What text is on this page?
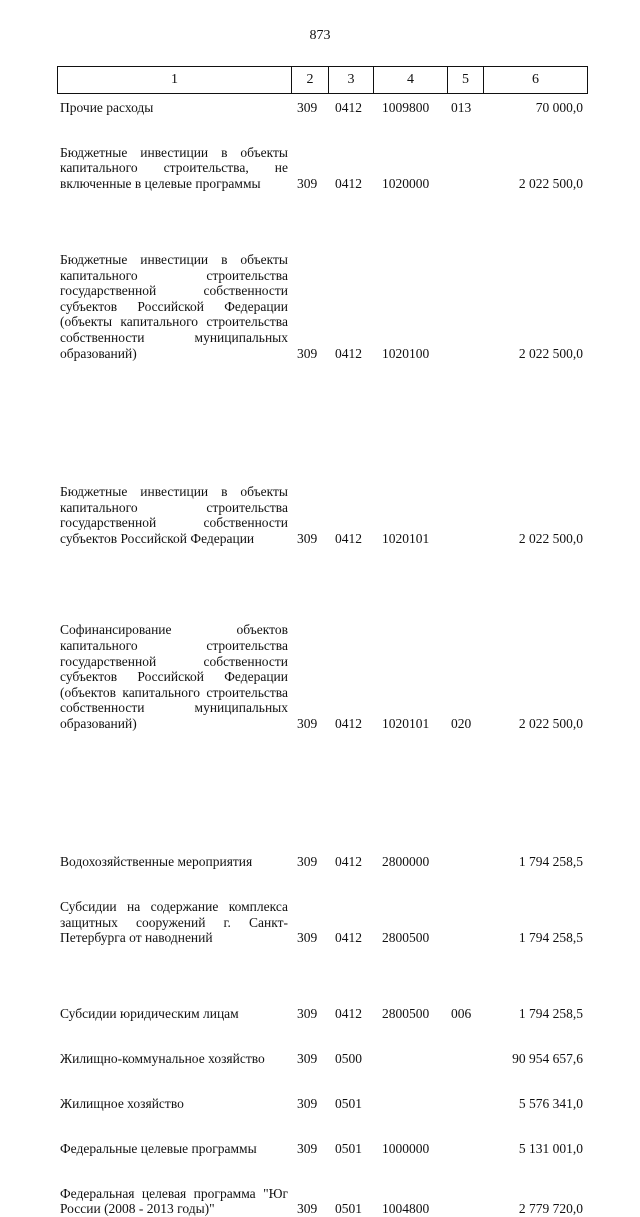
873
1	2	3	4	5	6
Прочие расходы	309 0412 1009800 013	70 000,0
Бюджетные инвестиции в объекты капитального строительства, не включенные в целевые программы	309 0412 1020000	2 022 500,0
Бюджетные инвестиции в объекты капитального строительства государственной собственности субъектов Российской Федерации (объекты капитального строительства собственности муниципальных образований)	309 0412 1020100	2 022 500,0
Бюджетные инвестиции в объекты капитального строительства государственной собственности субъектов Российской Федерации	309 0412 1020101	2 022 500,0
Софинансирование объектов капитального строительства государственной собственности субъектов Российской Федерации (объектов капитального строительства собственности муниципальных образований)	309 0412 1020101 020	2 022 500,0
Водохозяйственные мероприятия	309 0412 2800000	1 794 258,5
Субсидии на содержание комплекса защитных сооружений г. Санкт-Петербурга от наводнений	309 0412 2800500	1 794 258,5
Субсидии юридическим лицам	309 0412 2800500 006	1 794 258,5
Жилищно-коммунальное хозяйство	309 0500	90 954 657,6
Жилищное хозяйство	309 0501	5 576 341,0
Федеральные целевые программы	309 0501 1000000	5 131 001,0
Федеральная целевая программа "Юг России (2008 - 2013 годы)"	309 0501 1004800	2 779 720,0
